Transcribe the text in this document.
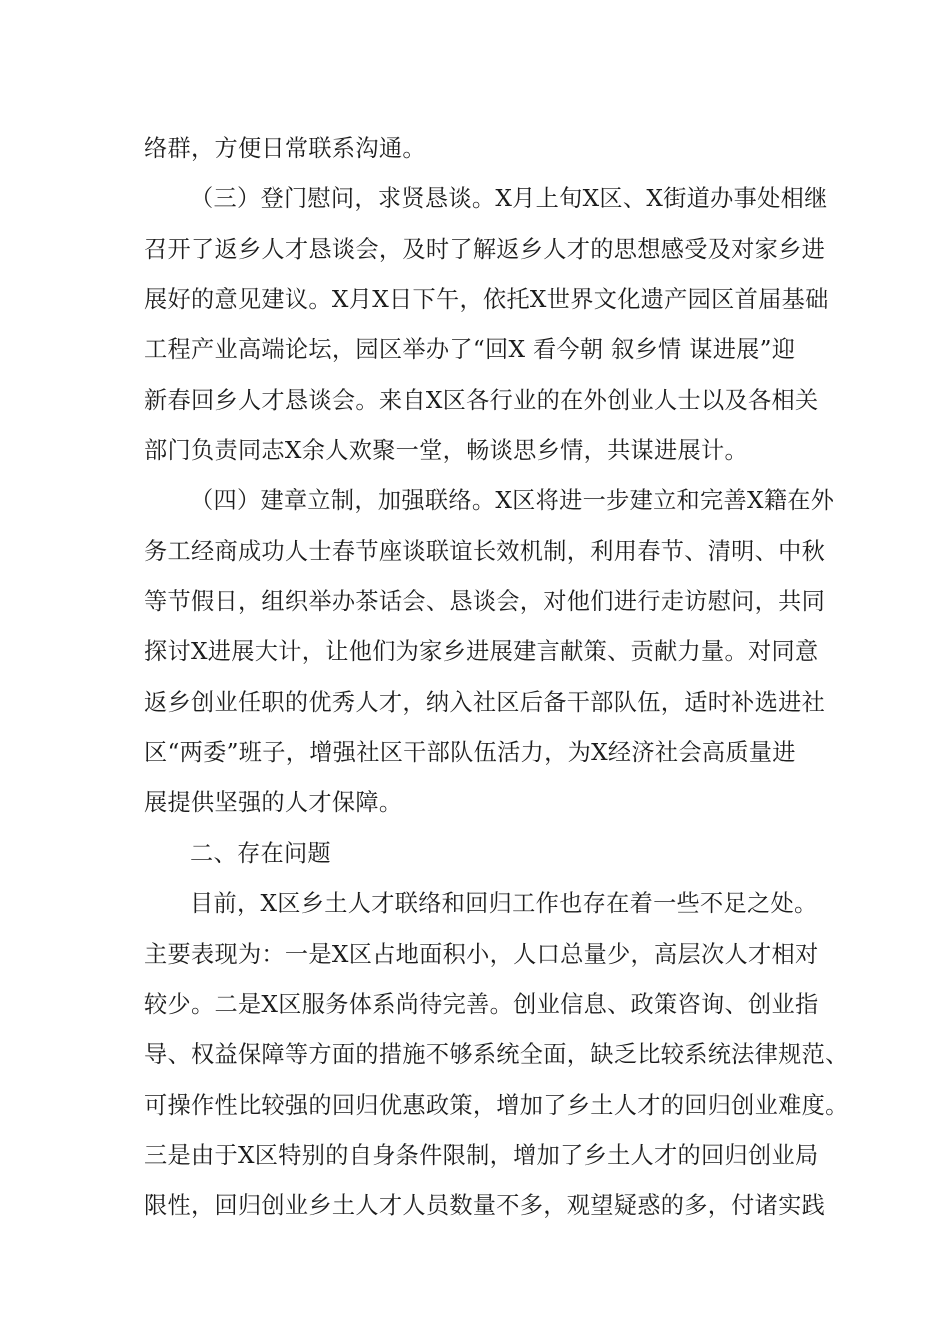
络群，方便日常联系沟通。
（三）登门慰问，求贤恳谈。X月上旬X区、X街道办事处相继
召开了返乡人才恳谈会，及时了解返乡人才的思想感受及对家乡进
展好的意见建议。X月X日下午，依托X世界文化遗产园区首届基础
工程产业高端论坛，园区举办了“回X 看今朝 叙乡情 谋进展”迎
新春回乡人才恳谈会。来自X区各行业的在外创业人士以及各相关
部门负责同志X余人欢聚一堂，畅谈思乡情，共谋进展计。
（四）建章立制，加强联络。X区将进一步建立和完善X籍在外
务工经商成功人士春节座谈联谊长效机制，利用春节、清明、中秋
等节假日，组织举办茶话会、恳谈会，对他们进行走访慰问，共同
探讨X进展大计，让他们为家乡进展建言献策、贡献力量。对同意
返乡创业任职的优秀人才，纳入社区后备干部队伍，适时补选进社
区“两委”班子，增强社区干部队伍活力，为X经济社会高质量进
展提供坚强的人才保障。
二、存在问题
目前，X区乡土人才联络和回归工作也存在着一些不足之处。
主要表现为：一是X区占地面积小，人口总量少，高层次人才相对
较少。二是X区服务体系尚待完善。创业信息、政策咨询、创业指
导、权益保障等方面的措施不够系统全面，缺乏比较系统法律规范、
可操作性比较强的回归优惠政策，增加了乡土人才的回归创业难度。
三是由于X区特别的自身条件限制，增加了乡土人才的回归创业局
限性，回归创业乡土人才人员数量不多，观望疑惑的多，付诸实践
